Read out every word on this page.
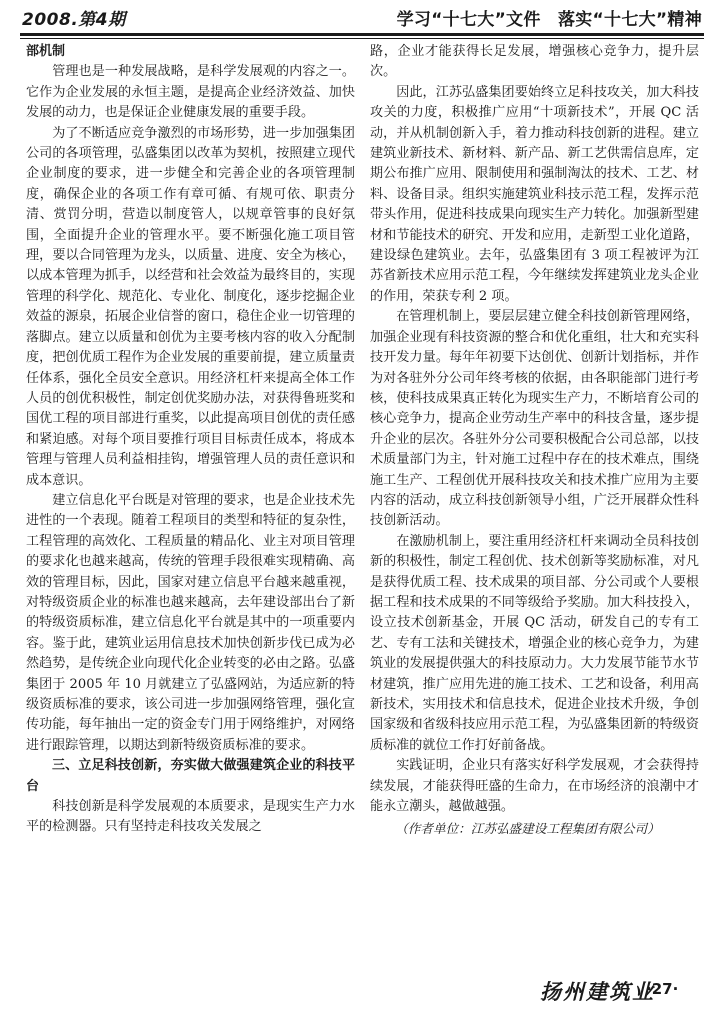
2008.第4期	学习“十七大”文件　落实“十七大”精神

部机制

管理也是一种发展战略，是科学发展观的内容之一。它作为企业发展的永恒主题，是提高企业经济效益、加快发展的动力，也是保证企业健康发展的重要手段。

为了不断适应竞争激烈的市场形势，进一步加强集团公司的各项管理，弘盛集团以改革为契机，按照建立现代企业制度的要求，进一步健全和完善企业的各项管理制度，确保企业的各项工作有章可循、有规可依、职责分清、赏罚分明，营造以制度管人，以规章管事的良好氛围，全面提升企业的管理水平。要不断强化施工项目管理，要以合同管理为龙头，以质量、进度、安全为核心，以成本管理为抓手，以经营和社会效益为最终目的，实现管理的科学化、规范化、专业化、制度化，逐步挖掘企业效益的源泉，拓展企业信誉的窗口，稳住企业一切管理的落脚点。建立以质量和创优为主要考核内容的收入分配制度，把创优质工程作为企业发展的重要前提，建立质量责任体系，强化全员安全意识。用经济杠杆来提高全体工作人员的创优积极性，制定创优奖励办法，对获得鲁班奖和国优工程的项目部进行重奖，以此提高项目创优的责任感和紧迫感。对每个项目要推行项目目标责任成本，将成本管理与管理人员利益相挂钩，增强管理人员的责任意识和成本意识。

建立信息化平台既是对管理的要求，也是企业技术先进性的一个表现。随着工程项目的类型和特征的复杂性，工程管理的高效化、工程质量的精品化、业主对项目管理的要求化也越来越高，传统的管理手段很难实现精确、高效的管理目标，因此，国家对建立信息平台越来越重视，对特级资质企业的标准也越来越高，去年建设部出台了新的特级资质标准，建立信息化平台就是其中的一项重要内容。鉴于此，建筑业运用信息技术加快创新步伐已成为必然趋势，是传统企业向现代化企业转变的必由之路。弘盛集团于 2005 年 10 月就建立了弘盛网站，为适应新的特级资质标准的要求，该公司进一步加强网络管理，强化宣传功能，每年抽出一定的资金专门用于网络维护，对网络进行跟踪管理，以期达到新特级资质标准的要求。

三、立足科技创新，夯实做大做强建筑企业的科技平台

科技创新是科学发展观的本质要求，是现实生产力水平的检测器。只有坚持走科技攻关发展之

路，企业才能获得长足发展，增强核心竞争力，提升层次。

因此，江苏弘盛集团要始终立足科技攻关，加大科技攻关的力度，积极推广应用“十项新技术”，开展 QC 活动，并从机制创新入手，着力推动科技创新的进程。建立建筑业新技术、新材料、新产品、新工艺供需信息库，定期公布推广应用、限制使用和强制淘汰的技术、工艺、材料、设备目录。组织实施建筑业科技示范工程，发挥示范带头作用，促进科技成果向现实生产力转化。加强新型建材和节能技术的研究、开发和应用，走新型工业化道路，建设绿色建筑业。去年，弘盛集团有 3 项工程被评为江苏省新技术应用示范工程，今年继续发挥建筑业龙头企业的作用，荣获专利 2 项。

在管理机制上，要层层建立健全科技创新管理网络，加强企业现有科技资源的整合和优化重组，壮大和充实科技开发力量。每年年初要下达创优、创新计划指标，并作为对各驻外分公司年终考核的依据，由各职能部门进行考核，使科技成果真正转化为现实生产力，不断培育公司的核心竞争力，提高企业劳动生产率中的科技含量，逐步提升企业的层次。各驻外分公司要积极配合公司总部，以技术质量部门为主，针对施工过程中存在的技术难点，围绕施工生产、工程创优开展科技攻关和技术推广应用为主要内容的活动，成立科技创新领导小组，广泛开展群众性科技创新活动。

在激励机制上，要注重用经济杠杆来调动全员科技创新的积极性，制定工程创优、技术创新等奖励标准，对凡是获得优质工程、技术成果的项目部、分公司或个人要根据工程和技术成果的不同等级给予奖励。加大科技投入，设立技术创新基金，开展 QC 活动，研发自己的专有工艺、专有工法和关键技术，增强企业的核心竞争力，为建筑业的发展提供强大的科技原动力。大力发展节能节水节材建筑，推广应用先进的施工技术、工艺和设备，利用高新技术，实用技术和信息技术，促进企业技术升级，争创国家级和省级科技应用示范工程，为弘盛集团新的特级资质标准的就位工作打好前备战。

实践证明，企业只有落实好科学发展观，才会获得持续发展，才能获得旺盛的生命力，在市场经济的浪潮中才能永立潮头，越做越强。

（作者单位：江苏弘盛建设工程集团有限公司）

扬州建筑业
·27·
